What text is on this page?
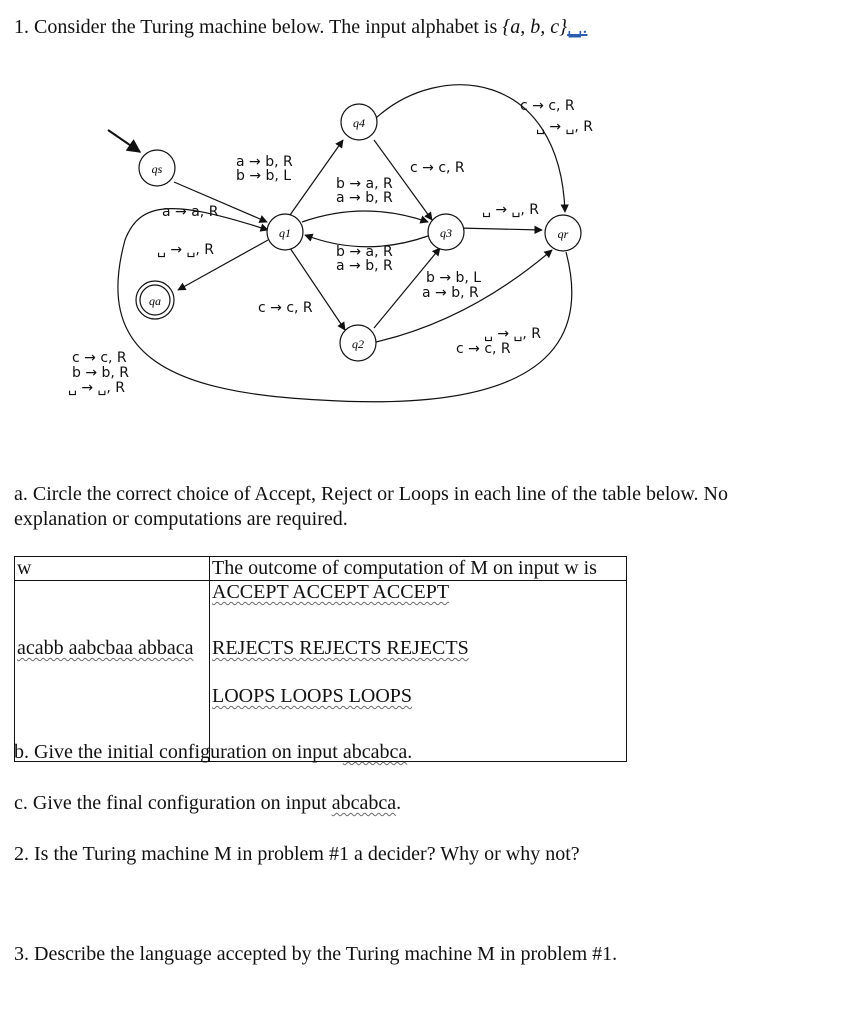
1. Consider the Turing machine below. The input alphabet is {a, b, c}␣.
qs
q4
q1	q3	qr
q2
qa
a → b, R
b → b, L
a → a, R
␣ → ␣, R
b → a, R
a → b, R
b → a, R
a → b, R
c → c, R
c → c, R
␣ → ␣, R
␣ → ␣, R
c → c, R
b → b, L
a → b, R
␣ → ␣, R
c → c, R
c → c, R
b → b, R
␣ → ␣, R
a. Circle the correct choice of Accept, Reject or Loops in each line of the table below. No
explanation or computations are required.
w	The outcome of computation of M on input w is
acabb aabcbaa abbaca	ACCEPT ACCEPT ACCEPT
REJECTS REJECTS REJECTS
LOOPS LOOPS LOOPS
b. Give the initial configuration on input abcabca.
c. Give the final configuration on input abcabca.
2. Is the Turing machine M in problem #1 a decider? Why or why not?
3. Describe the language accepted by the Turing machine M in problem #1.
